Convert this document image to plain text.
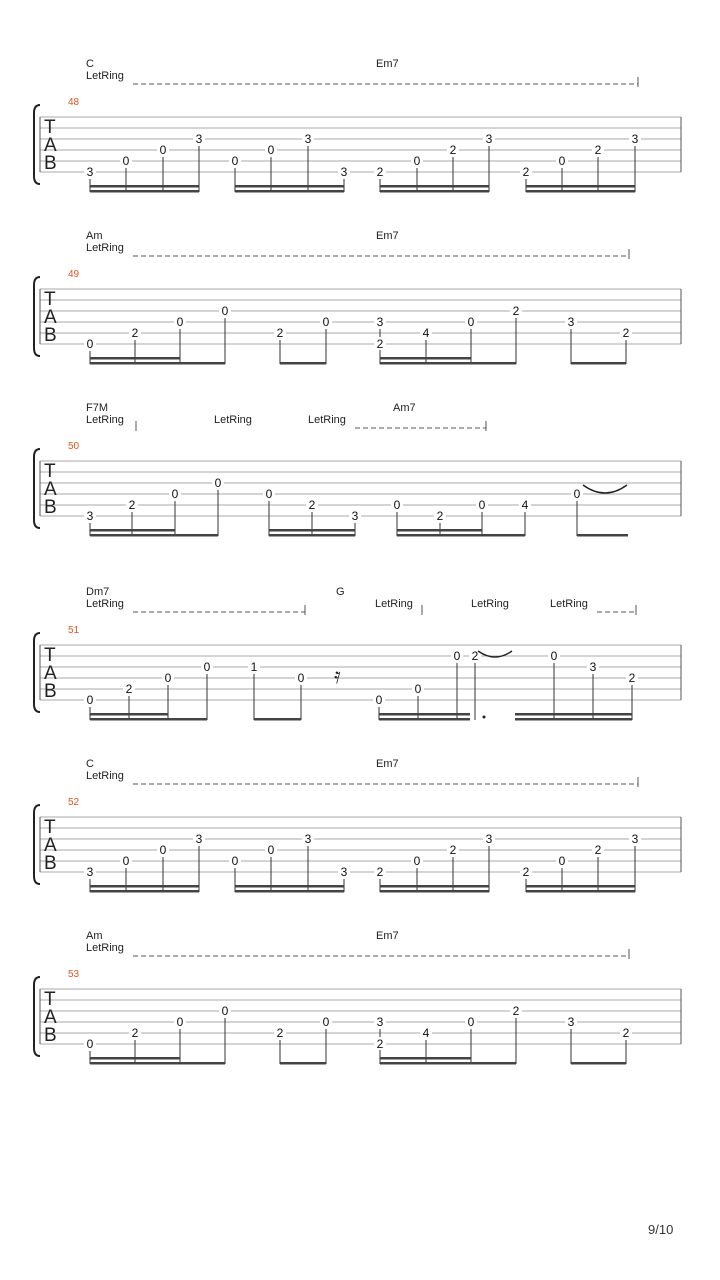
C	Em7
LetRing
48
T
A
B 3
0
0
3
0
0
3
3 2
0
2
3
2
0
2
3
Am	Em7
LetRing
49
T
A
B 0
2
0
0
2
0	3
2
4
0
2
3
2
F7M	Am7
LetRing	LetRing	LetRing
50
T
A
B 3
2
0
0
0
2
3
0
2
0	4
0
Dm7	G
LetRing	LetRing	LetRing	LetRing
51
T
A
B 0
2
0
0	1
0
0
0
0 2	0
3
2
C	Em7
LetRing
52
T
A
B 3
0
0
3
0
0
3
3 2
0
2
3
2
0
2
3
Am	Em7
LetRing
53
T
A
B 0
2
0
0
2
0	3
2
4
0
2
3
2
𝄿
9/10
